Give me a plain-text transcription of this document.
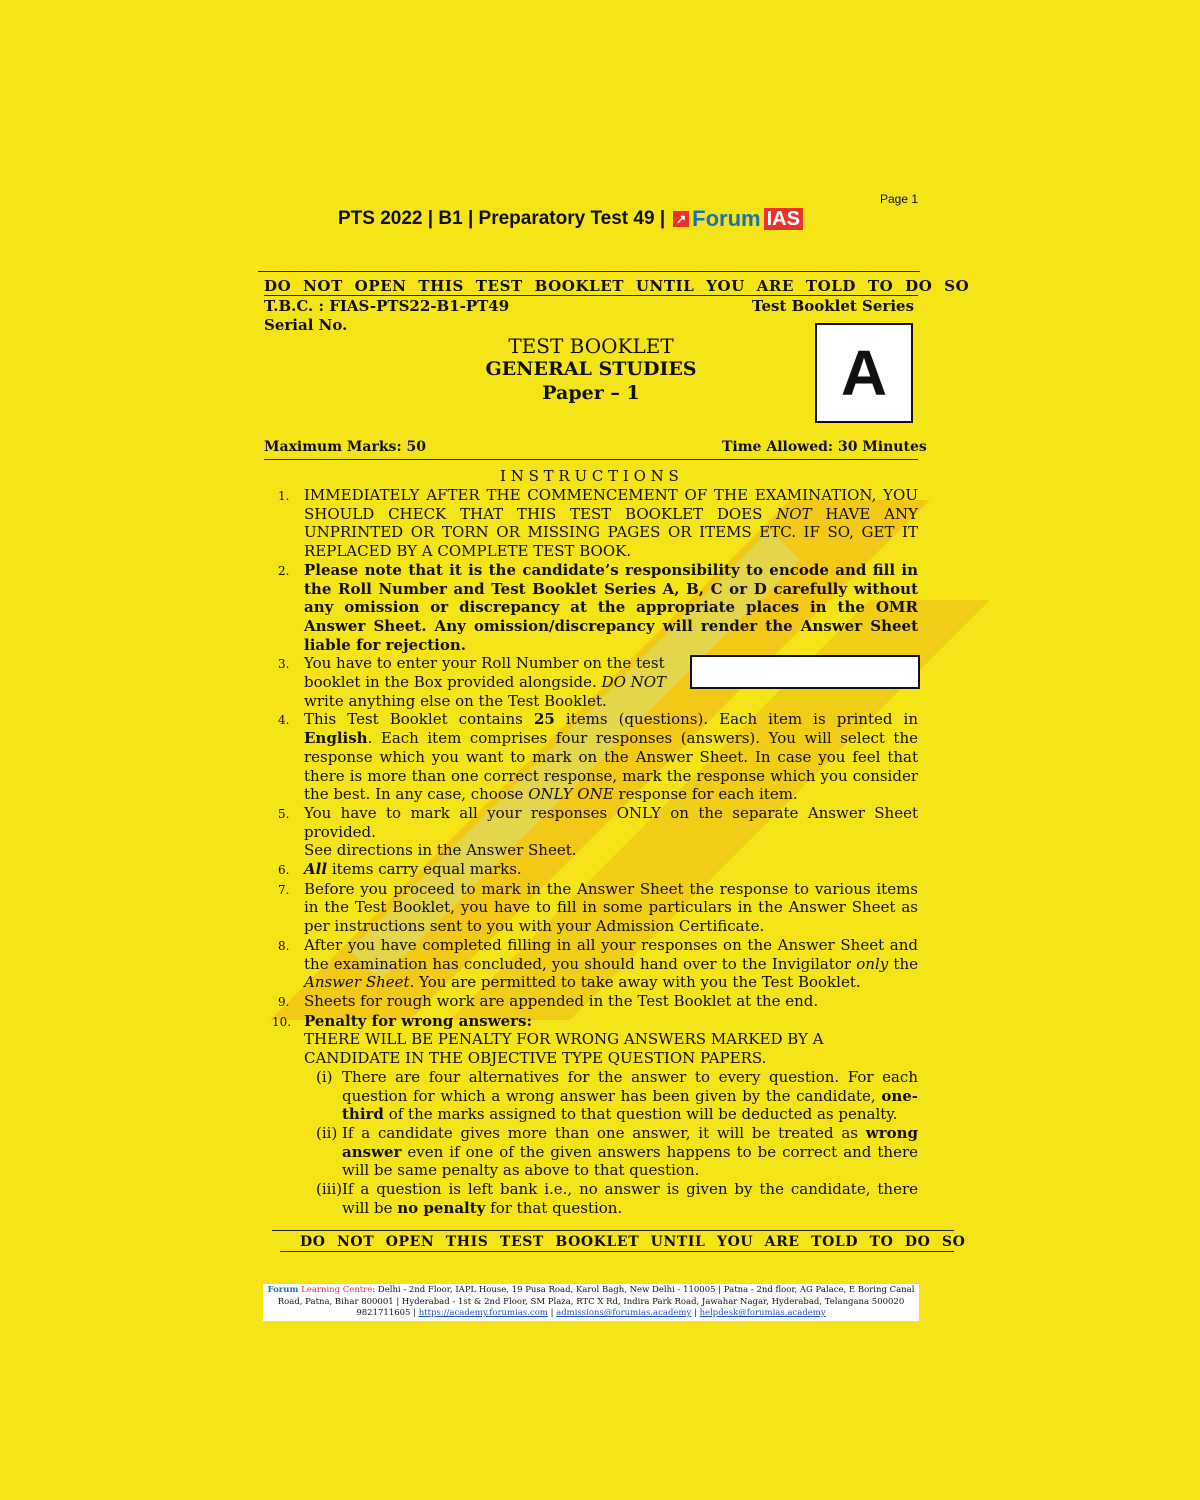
Page 1
PTS 2022 | B1 | Preparatory Test 49 | ↗ Forum IAS
DO NOT OPEN THIS TEST BOOKLET UNTIL YOU ARE TOLD TO DO SO
T.B.C. : FIAS-PTS22-B1-PT49	Test Booklet Series
Serial No.
TEST BOOKLET
GENERAL STUDIES
Paper – 1	A
Maximum Marks: 50	Time Allowed: 30 Minutes
I N S T R U C T I O N S
1. IMMEDIATELY AFTER THE COMMENCEMENT OF THE EXAMINATION, YOU SHOULD CHECK THAT THIS TEST BOOKLET DOES NOT HAVE ANY UNPRINTED OR TORN OR MISSING PAGES OR ITEMS ETC. IF SO, GET IT REPLACED BY A COMPLETE TEST BOOK.
2. Please note that it is the candidate’s responsibility to encode and fill in the Roll Number and Test Booklet Series A, B, C or D carefully without any omission or discrepancy at the appropriate places in the OMR Answer Sheet. Any omission/discrepancy will render the Answer Sheet liable for rejection.
3. You have to enter your Roll Number on the test
booklet in the Box provided alongside. DO NOT
write anything else on the Test Booklet.
4. This Test Booklet contains 25 items (questions). Each item is printed in English. Each item comprises four responses (answers). You will select the response which you want to mark on the Answer Sheet. In case you feel that there is more than one correct response, mark the response which you consider the best. In any case, choose ONLY ONE response for each item.
5. You have to mark all your responses ONLY on the separate Answer Sheet provided.
See directions in the Answer Sheet.
6. All items carry equal marks.
7. Before you proceed to mark in the Answer Sheet the response to various items in the Test Booklet, you have to fill in some particulars in the Answer Sheet as per instructions sent to you with your Admission Certificate.
8. After you have completed filling in all your responses on the Answer Sheet and the examination has concluded, you should hand over to the Invigilator only the Answer Sheet. You are permitted to take away with you the Test Booklet.
9. Sheets for rough work are appended in the Test Booklet at the end.
10. Penalty for wrong answers:
THERE WILL BE PENALTY FOR WRONG ANSWERS MARKED BY A
CANDIDATE IN THE OBJECTIVE TYPE QUESTION PAPERS.
(i) There are four alternatives for the answer to every question. For each question for which a wrong answer has been given by the candidate, one-third of the marks assigned to that question will be deducted as penalty.
(ii) If a candidate gives more than one answer, it will be treated as wrong answer even if one of the given answers happens to be correct and there will be same penalty as above to that question.
(iii) If a question is left bank i.e., no answer is given by the candidate, there will be no penalty for that question.
DO NOT OPEN THIS TEST BOOKLET UNTIL YOU ARE TOLD TO DO SO
Forum Learning Centre: Delhi - 2nd Floor, IAPL House, 19 Pusa Road, Karol Bagh, New Delhi - 110005 | Patna - 2nd floor, AG Palace, E Boring Canal
Road, Patna, Bihar 800001 | Hyderabad - 1st & 2nd Floor, SM Plaza, RTC X Rd, Indira Park Road, Jawahar Nagar, Hyderabad, Telangana 500020
9821711605 | https://academy.forumias.com | admissions@forumias.academy | helpdesk@forumias.academy
